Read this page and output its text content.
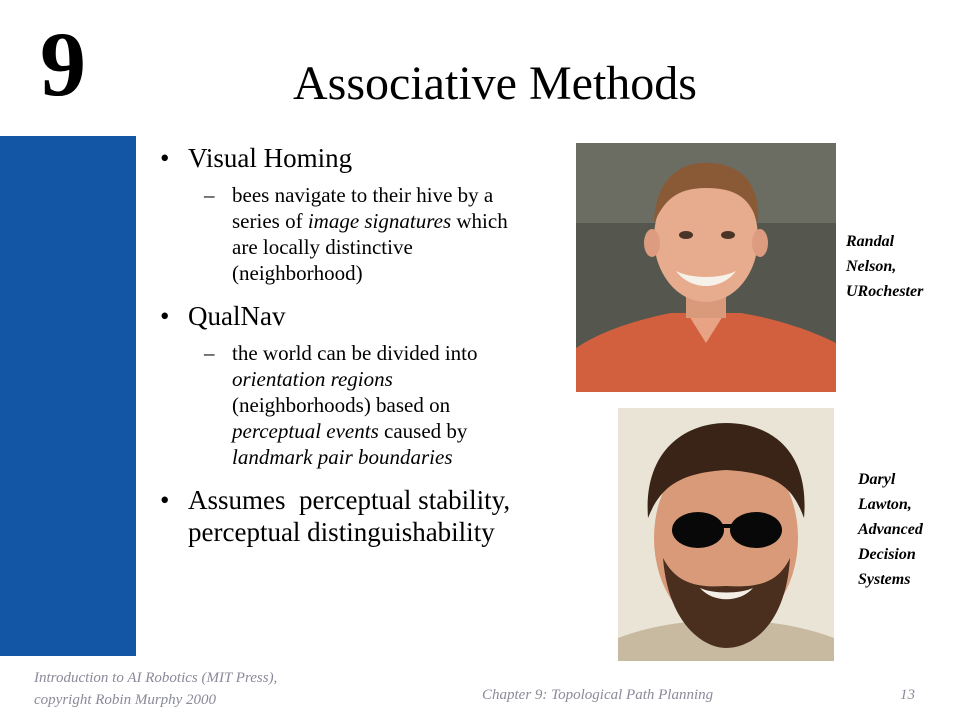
9	Associative Methods
• Visual Homing
– bees navigate to their hive by a series of image signatures which are locally distinctive (neighborhood)
• QualNav
– the world can be divided into orientation regions (neighborhoods) based on perceptual events caused by landmark pair boundaries
• Assumes  perceptual stability, perceptual distinguishability
Randal
Nelson,
URochester
Daryl
Lawton,
Advanced
Decision
Systems
Introduction to AI Robotics (MIT Press),
copyright Robin Murphy 2000	Chapter 9: Topological Path Planning	13
